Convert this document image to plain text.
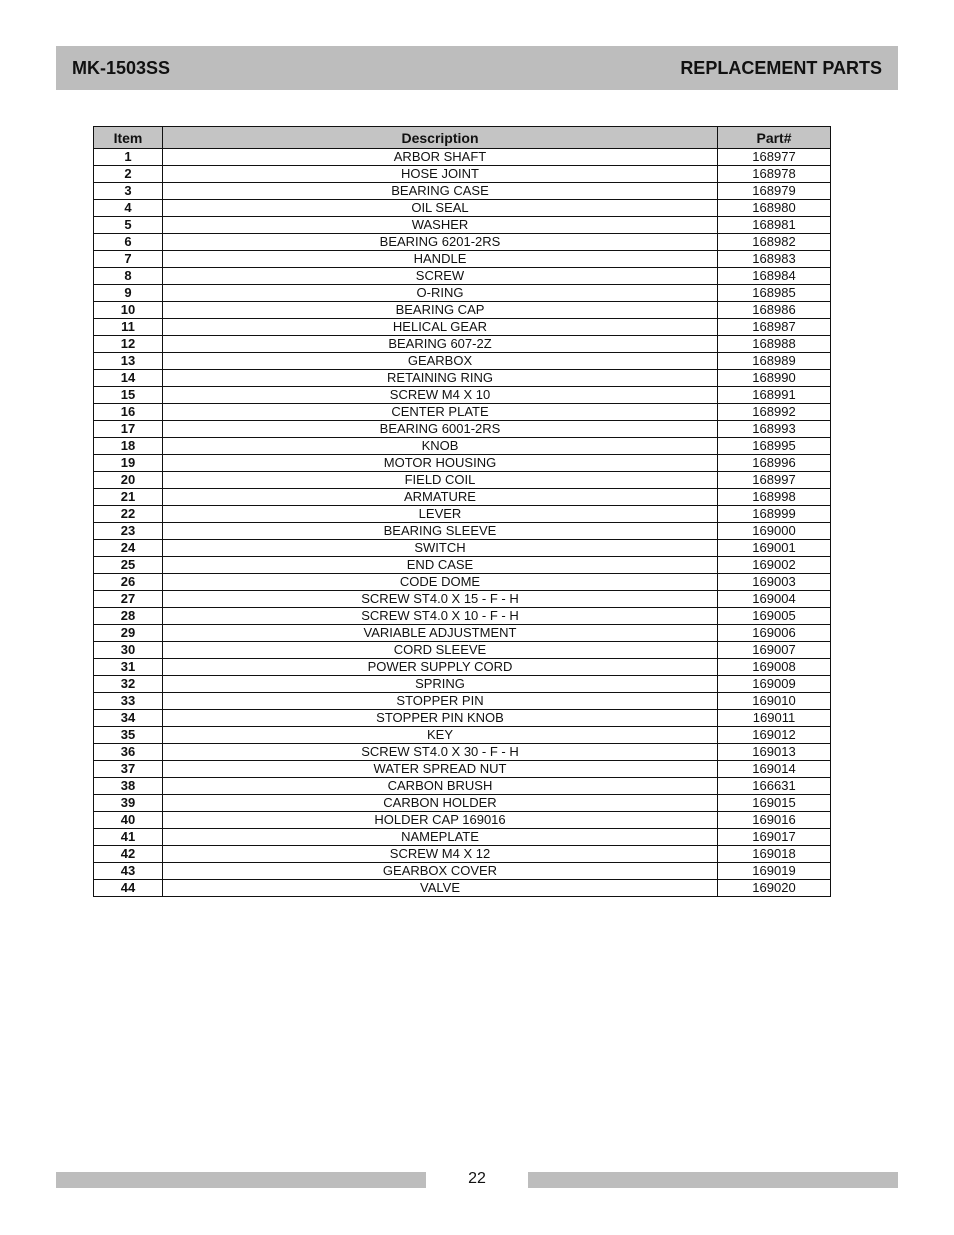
MK-1503SS	REPLACEMENT PARTS
Item	Description	Part#
1	ARBOR SHAFT	168977
2	HOSE JOINT	168978
3	BEARING CASE	168979
4	OIL SEAL	168980
5	WASHER	168981
6	BEARING 6201-2RS	168982
7	HANDLE	168983
8	SCREW	168984
9	O-RING	168985
10	BEARING CAP	168986
11	HELICAL GEAR	168987
12	BEARING 607-2Z	168988
13	GEARBOX	168989
14	RETAINING RING	168990
15	SCREW M4 X 10	168991
16	CENTER PLATE	168992
17	BEARING 6001-2RS	168993
18	KNOB	168995
19	MOTOR HOUSING	168996
20	FIELD COIL	168997
21	ARMATURE	168998
22	LEVER	168999
23	BEARING SLEEVE	169000
24	SWITCH	169001
25	END CASE	169002
26	CODE DOME	169003
27	SCREW ST4.0 X 15 - F - H	169004
28	SCREW ST4.0 X 10 - F - H	169005
29	VARIABLE ADJUSTMENT	169006
30	CORD SLEEVE	169007
31	POWER SUPPLY CORD	169008
32	SPRING	169009
33	STOPPER PIN	169010
34	STOPPER PIN KNOB	169011
35	KEY	169012
36	SCREW ST4.0 X 30 - F - H	169013
37	WATER SPREAD NUT	169014
38	CARBON BRUSH	166631
39	CARBON HOLDER	169015
40	HOLDER CAP 169016	169016
41	NAMEPLATE	169017
42	SCREW M4 X 12	169018
43	GEARBOX COVER	169019
44	VALVE	169020
22
